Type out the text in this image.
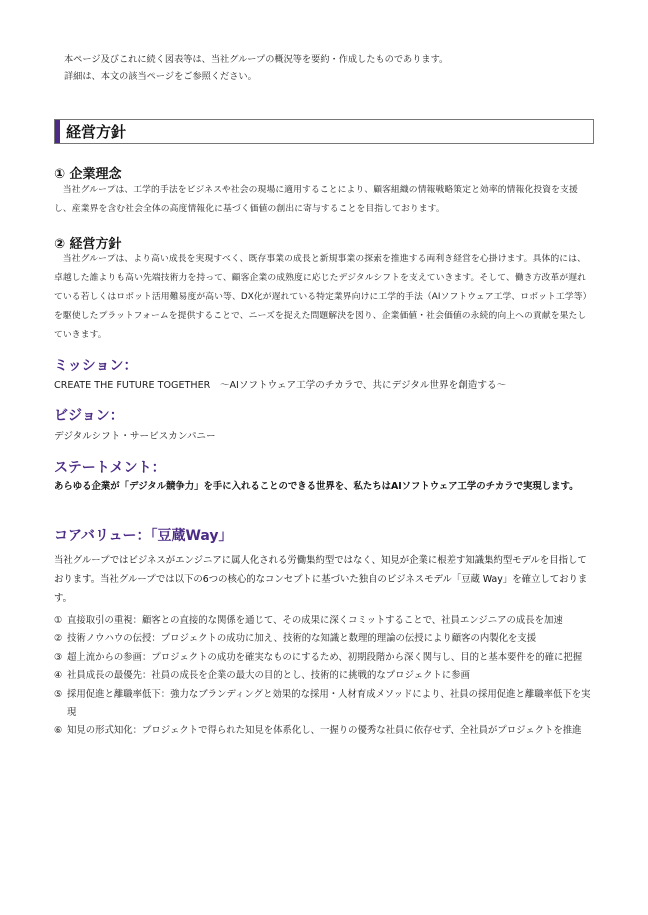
本ページ及びこれに続く図表等は、当社グループの概況等を要約・作成したものであります。
詳細は、本文の該当ページをご参照ください。
経営方針
① 企業理念
当社グループは、工学的手法をビジネスや社会の現場に適用することにより、顧客組織の情報戦略策定と効率的情報化投資を支援し、産業界を含む社会全体の高度情報化に基づく価値の創出に寄与することを目指しております。
② 経営方針
当社グループは、より高い成長を実現すべく、既存事業の成長と新規事業の探索を推進する両利き経営を心掛けます。具体的には、卓越した誰よりも高い先端技術力を持って、顧客企業の成熟度に応じたデジタルシフトを支えていきます。そして、働き方改革が遅れている若しくはロボット活用難易度が高い等、DX化が遅れている特定業界向けに工学的手法（AIソフトウェア工学、ロボット工学等）を駆使したプラットフォームを提供することで、ニーズを捉えた問題解決を図り、企業価値・社会価値の永続的向上への貢献を果たしていきます。
ミッション：
CREATE THE FUTURE TOGETHER　～AIソフトウェア工学のチカラで、共にデジタル世界を創造する～
ビジョン：
デジタルシフト・サービスカンパニー
ステートメント：
あらゆる企業が「デジタル競争力」を手に入れることのできる世界を、私たちはAIソフトウェア工学のチカラで実現します。
コアバリュー：「豆蔵Way」
当社グループではビジネスがエンジニアに属人化される労働集約型ではなく、知見が企業に根差す知識集約型モデルを目指しております。当社グループでは以下の6つの核心的なコンセプトに基づいた独自のビジネスモデル「豆蔵 Way」を確立しております。
① 直接取引の重視：顧客との直接的な関係を通じて、その成果に深くコミットすることで、社員エンジニアの成長を加速
② 技術ノウハウの伝授：プロジェクトの成功に加え、技術的な知識と数理的理論の伝授により顧客の内製化を支援
③ 超上流からの参画：プロジェクトの成功を確実なものにするため、初期段階から深く関与し、目的と基本要件を的確に把握
④ 社員成長の最優先：社員の成長を企業の最大の目的とし、技術的に挑戦的なプロジェクトに参画
⑤ 採用促進と離職率低下：強力なブランディングと効果的な採用・人材育成メソッドにより、社員の採用促進と離職率低下を実現
⑥ 知見の形式知化：プロジェクトで得られた知見を体系化し、一握りの優秀な社員に依存せず、全社員がプロジェクトを推進
